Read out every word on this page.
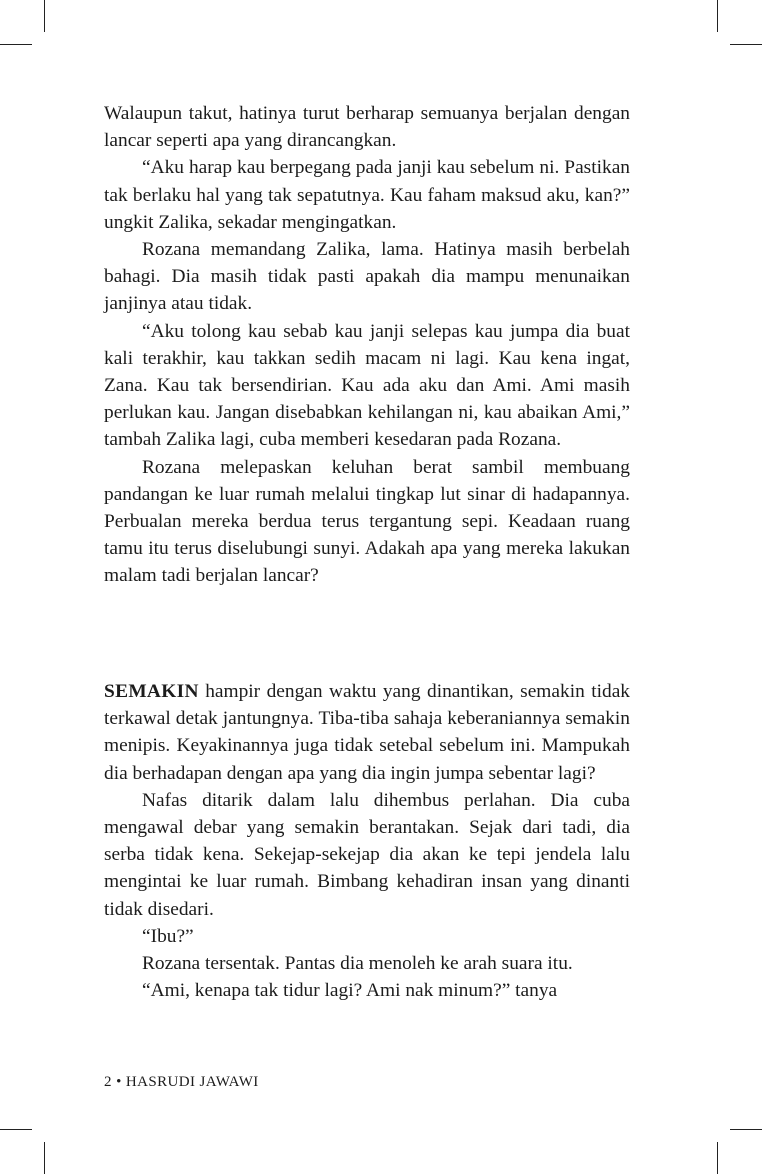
Walaupun takut, hatinya turut berharap semuanya berjalan dengan lancar seperti apa yang dirancangkan.

“Aku harap kau berpegang pada janji kau sebelum ni. Pastikan tak berlaku hal yang tak sepatutnya. Kau faham maksud aku, kan?” ungkit Zalika, sekadar mengingatkan.

Rozana memandang Zalika, lama. Hatinya masih berbelah bahagi. Dia masih tidak pasti apakah dia mampu menunaikan janjinya atau tidak.

“Aku tolong kau sebab kau janji selepas kau jumpa dia buat kali terakhir, kau takkan sedih macam ni lagi. Kau kena ingat, Zana. Kau tak bersendirian. Kau ada aku dan Ami. Ami masih perlukan kau. Jangan disebabkan kehilangan ni, kau abaikan Ami,” tambah Zalika lagi, cuba memberi kesedaran pada Rozana.

Rozana melepaskan keluhan berat sambil membuang pandangan ke luar rumah melalui tingkap lut sinar di hadapannya. Perbualan mereka berdua terus tergantung sepi. Keadaan ruang tamu itu terus diselubungi sunyi. Adakah apa yang mereka lakukan malam tadi berjalan lancar?

SEMAKIN hampir dengan waktu yang dinantikan, semakin tidak terkawal detak jantungnya. Tiba-tiba sahaja keberaniannya semakin menipis. Keyakinannya juga tidak setebal sebelum ini. Mampukah dia berhadapan dengan apa yang dia ingin jumpa sebentar lagi?

Nafas ditarik dalam lalu dihembus perlahan. Dia cuba mengawal debar yang semakin berantakan. Sejak dari tadi, dia serba tidak kena. Sekejap-sekejap dia akan ke tepi jendela lalu mengintai ke luar rumah. Bimbang kehadiran insan yang dinanti tidak disedari.

“Ibu?”

Rozana tersentak. Pantas dia menoleh ke arah suara itu.

“Ami, kenapa tak tidur lagi? Ami nak minum?” tanya

2 • HASRUDI JAWAWI
